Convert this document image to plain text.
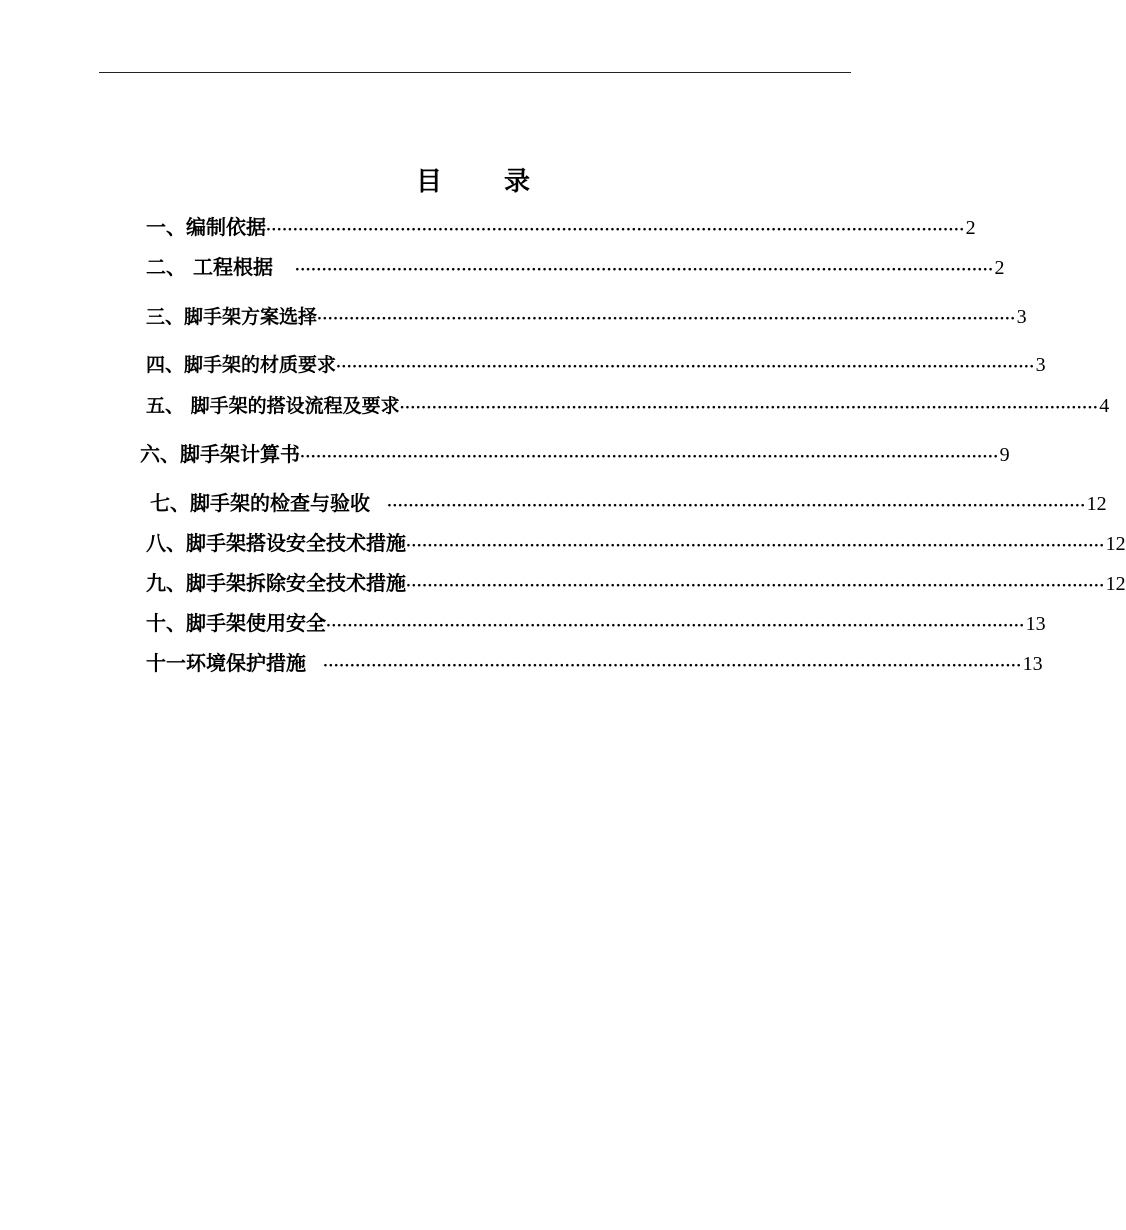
目录
一、编制依据 ·································································································································· 2
二、 工程根据 ·································································································································· 2
三、脚手架方案选择 ·································································································································· 3
四、脚手架的材质要求 ·································································································································· 3
五、 脚手架的搭设流程及要求 ·································································································································· 4
六、脚手架计算书 ·································································································································· 9
七、脚手架的检查与验收 ·································································································································· 12
八、脚手架搭设安全技术措施 ·································································································································· 12
九、脚手架拆除安全技术措施 ·································································································································· 12
十、脚手架使用安全 ·································································································································· 13
十一环境保护措施 ·································································································································· 13
